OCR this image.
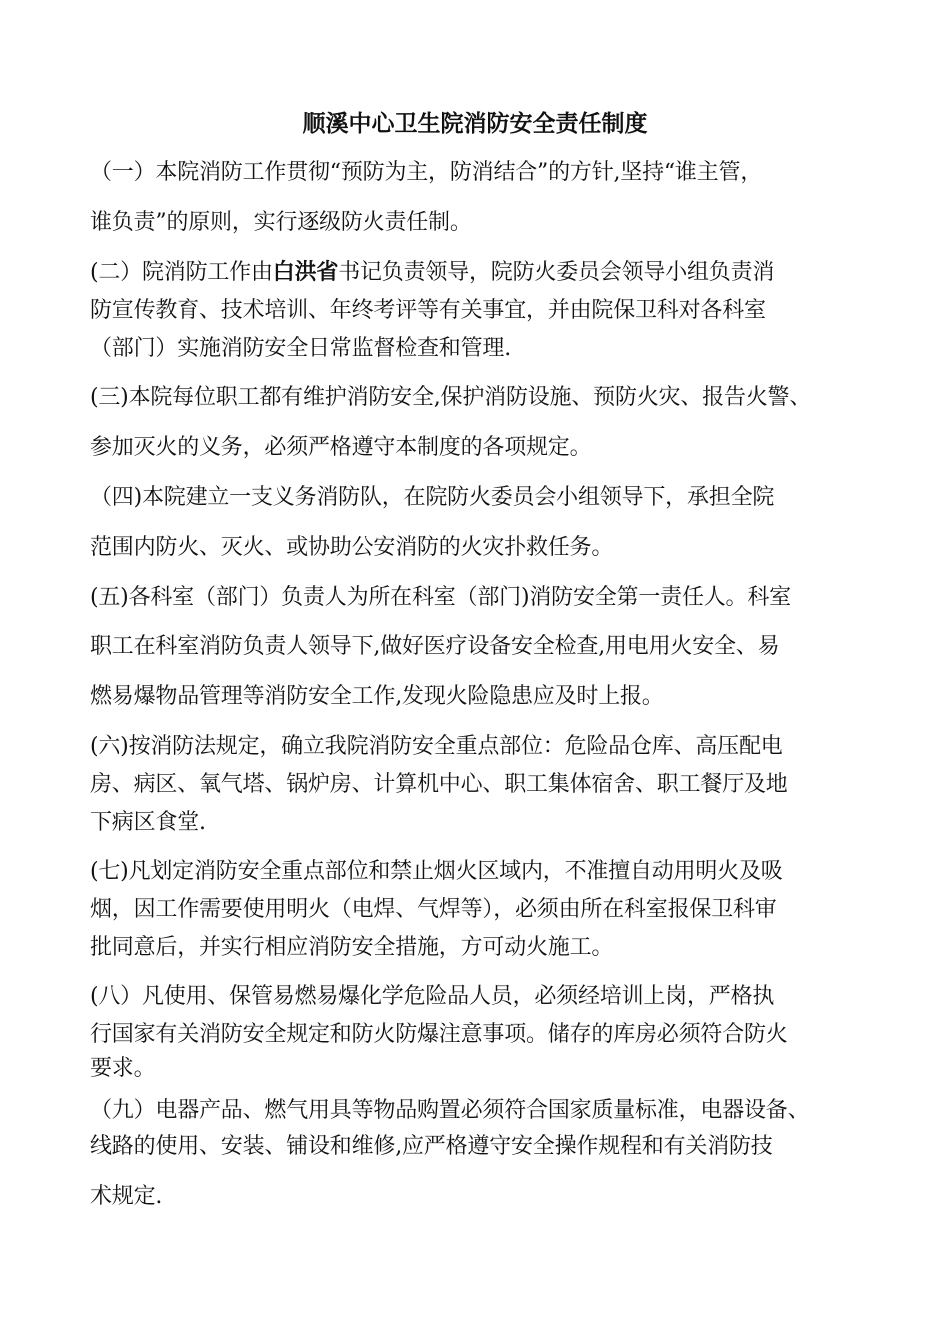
顺溪中心卫生院消防安全责任制度
（一）本院消防工作贯彻“预防为主，防消结合”的方针,坚持“谁主管，
谁负责”的原则，实行逐级防火责任制。
(二）院消防工作由白洪省书记负责领导，院防火委员会领导小组负责消
防宣传教育、技术培训、年终考评等有关事宜，并由院保卫科对各科室
（部门）实施消防安全日常监督检查和管理.
(三)本院每位职工都有维护消防安全,保护消防设施、预防火灾、报告火警、
参加灭火的义务，必须严格遵守本制度的各项规定。
（四)本院建立一支义务消防队，在院防火委员会小组领导下，承担全院
范围内防火、灭火、或协助公安消防的火灾扑救任务。
(五)各科室（部门）负责人为所在科室（部门)消防安全第一责任人。科室
职工在科室消防负责人领导下,做好医疗设备安全检查,用电用火安全、易
燃易爆物品管理等消防安全工作,发现火险隐患应及时上报。
(六)按消防法规定，确立我院消防安全重点部位：危险品仓库、高压配电
房、病区、氧气塔、锅炉房、计算机中心、职工集体宿舍、职工餐厅及地
下病区食堂.
(七)凡划定消防安全重点部位和禁止烟火区域内，不准擅自动用明火及吸
烟，因工作需要使用明火（电焊、气焊等），必须由所在科室报保卫科审
批同意后，并实行相应消防安全措施，方可动火施工。
(八）凡使用、保管易燃易爆化学危险品人员，必须经培训上岗，严格执
行国家有关消防安全规定和防火防爆注意事项。储存的库房必须符合防火
要求。
（九）电器产品、燃气用具等物品购置必须符合国家质量标准，电器设备、
线路的使用、安装、铺设和维修,应严格遵守安全操作规程和有关消防技
术规定.
